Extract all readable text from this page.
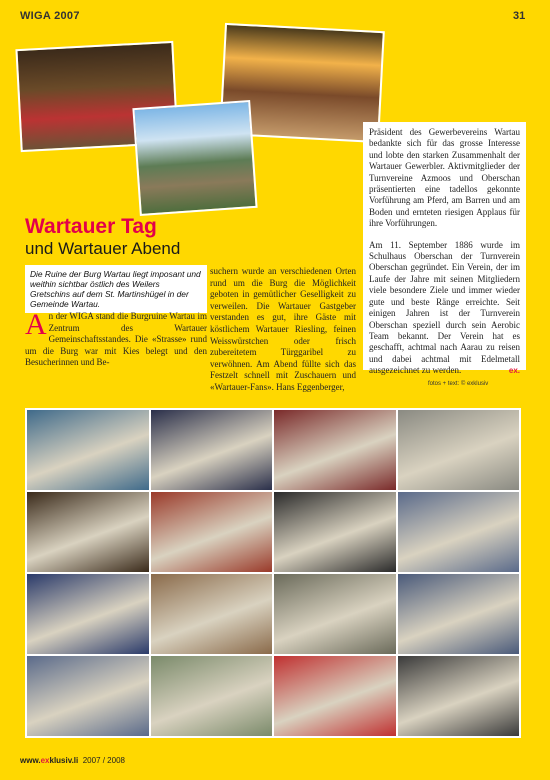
WIGA 2007	31

Präsident des Gewerbevereins Wartau bedankte sich für das grosse Interesse und lobte den starken Zusammenhalt der Wartauer Gewerbler. Aktivmitglieder der Turnvereine Azmoos und Oberschan präsentierten eine tadellos gekonnte Vorführung am Pferd, am Barren und am Boden und ernteten riesigen Applaus für ihre Vorführungen.

Am 11. September 1886 wurde im Schulhaus Oberschan der Turnverein Oberschan gegründet. Ein Verein, der im Laufe der Jahre mit seinen Mitgliedern viele besondere Ziele und immer wieder gute und beste Ränge erreichte. Seit einigen Jahren ist der Turnverein Oberschan speziell durch sein Aerobic Team bekannt. Der Verein hat es geschafft, achtmal nach Aarau zu reisen und dabei achtmal mit Edelmetall ausgezeichnet zu werden.	ex.

fotos + text: © exklusiv
Wartauer Tag
und Wartauer Abend
Die Ruine der Burg Wartau liegt imposant und weithin sichtbar östlich des Weilers Gretschins auf dem St. Martinshügel in der Gemeinde Wartau.
A n der WIGA stand die Burgruine Wartau im Zentrum des Wartauer Gemeinschaftsstandes. Die «Strasse» rund um die Burg war mit Kies belegt und den Besucherinnen und Be-
suchern wurde an verschiedenen Orten rund um die Burg die Möglichkeit geboten in gemütlicher Geselligkeit zu verweilen. Die Wartauer Gastgeber verstanden es gut, ihre Gäste mit köstlichem Wartauer Riesling, feinen Weisswürstchen oder frisch zubereitetem Türggaribel zu verwöhnen. Am Abend füllte sich das Festzelt schnell mit Zuschauern und «Wartauer-Fans». Hans Eggenberger,
www.exklusiv.li 2007 / 2008
